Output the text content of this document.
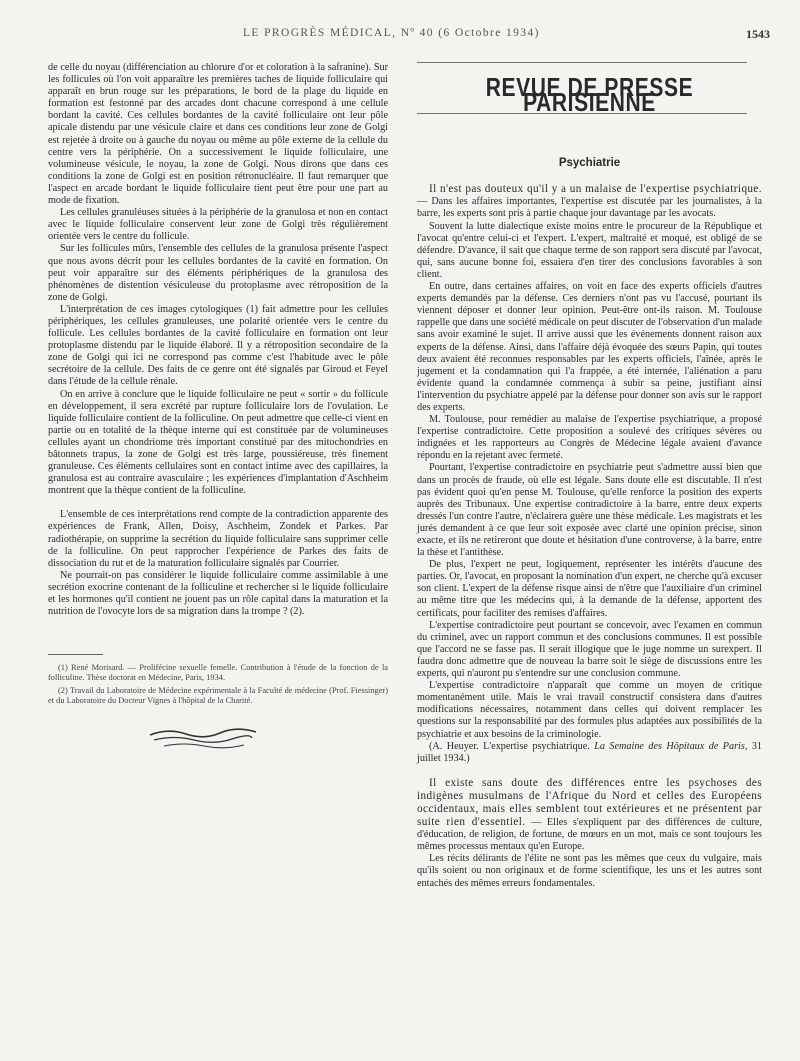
LE PROGRÈS MÉDICAL, Nº 40 (6 Octobre 1934)	1543

de celle du noyau (différenciation au chlorure d'or et coloration à la safranine). Sur les follicules où l'on voit apparaître les premières taches de liquide folliculaire qui apparaît en brun rouge sur les préparations, le bord de la plage du liquide en formation est festonné par des arcades dont chacune correspond à une cellule bordant la cavité. Ces cellules bordantes de la cavité folliculaire ont leur pôle apicale distendu par une vésicule claire et dans ces conditions leur zone de Golgi est rejetée à droite ou à gauche du noyau ou même au pôle externe de la cellule du centre vers la périphérie. On a successivement le liquide folliculaire, une volumineuse vésicule, le noyau, la zone de Golgi. Nous dirons que dans ces conditions la zone de Golgi est en position rétronucléaire. Il faut remarquer que l'aspect en arcade bordant le liquide folliculaire tient peut être pour une part au mode de fixation.

Les cellules granuléuses situées à la périphérie de la granulosa et non en contact avec le liquide folliculaire conservent leur zone de Golgi très régulièrement orientée vers le centre du follicule.

Sur les follicules mûrs, l'ensemble des cellules de la granulosa présente l'aspect que nous avons décrit pour les cellules bordantes de la cavité en formation. On peut voir apparaître sur des éléments périphériques de la granulosa des phénomènes de distention vésiculeuse du protoplasme avec rétroposition de la zone de Golgi.

L'interprétation de ces images cytologiques (1) fait admettre pour les cellules périphériques, les cellules granuleuses, une polarité orientée vers le centre du follicule. Les cellules bordantes de la cavité folliculaire en formation ont leur protoplasme distendu par le liquide élaboré. Il y a rétroposition secondaire de la zone de Golgi qui ici ne correspond pas comme c'est l'habitude avec le pôle secrétoire de la cellule. Des faits de ce genre ont été signalés par Giroud et Feyel dans l'étude de la cellule rénale.

On en arrive à conclure que le liquide folliculaire ne peut « sortir » du follicule en développement, il sera excrété par rupture folliculaire lors de l'ovulation. Le liquide folliculaire contient de la folliculine. On peut admettre que celle-ci vient en partie ou en totalité de la thèque interne qui est constituée par de volumineuses cellules ayant un chondriome très important constitué par des mitochondries en bâtonnets trapus, la zone de Golgi est très large, poussiéreuse, très finement granuleuse. Ces éléments cellulaires sont en contact intime avec des capillaires, la granulosa est au contraire avasculaire ; les expériences d'implantation d'Aschheim montrent que la thèque contient de la folliculine.

L'ensemble de ces interprétations rend compte de la contradiction apparente des expériences de Frank, Allen, Doisy, Aschheim, Zondek et Parkes. Par radiothérapie, on supprime la secrétion du liquide folliculaire sans supprimer celle de la folliculine. On peut rapprocher l'expérience de Parkes des faits de dissociation du rut et de la maturation folliculaire signalés par Courrier.

Ne pourrait-on pas considérer le liquide folliculaire comme assimilable à une secrétion exocrine contenant de la folliculine et rechercher si le liquide folliculaire et les hormones qu'il contient ne jouent pas un rôle capital dans la maturation et la nutrition de l'ovocyte lors de sa migration dans la trompe ? (2).

(1) René Morisard. — Prolifécine sexuelle femelle. Contribution à l'étude de la fonction de la folliculine. Thèse doctorat en Médecine, Paris, 1934.

(2) Travail du Laboratoire de Médecine expérimentale à la Faculté de médecine (Prof. Fiessinger) et du Laboratoire du Docteur Vignes à l'hôpital de la Charité.

REVUE DE PRESSE PARISIENNE
Psychiatrie

Il n'est pas douteux qu'il y a un malaise de l'expertise psychiatrique. — Dans les affaires importantes, l'expertise est discutée par les journalistes, à la barre, les experts sont pris à partie chaque jour davantage par les avocats.

Souvent la lutte dialectique existe moins entre le procureur de la République et l'avocat qu'entre celui-ci et l'expert. L'expert, maltraité et moqué, est obligé de se défendre. D'avance, il sait que chaque terme de son rapport sera discuté par l'avocat, qui, sans aucune bonne foi, essaiera d'en tirer des conclusions favorables à son client.

En outre, dans certaines affaires, on voit en face des experts officiels d'autres experts demandés par la défense. Ces derniers n'ont pas vu l'accusé, pourtant ils viennent déposer et donner leur opinion. Peut-être ont-ils raison. M. Toulouse rappelle que dans une société médicale on peut discuter de l'observation d'un malade sans avoir examiné le sujet. Il arrive aussi que les événements donnent raison aux experts de la défense. Ainsi, dans l'affaire déjà évoquée des sœurs Papin, qui toutes deux avaient été reconnues responsables par les experts officiels, l'aînée, après le jugement et la condamnation qui l'a frappée, a été internée, l'aliénation a paru évidente quand la condamnée commença à subir sa peine, justifiant ainsi l'intervention du psychiatre appelé par la défense pour donner son avis sur le rapport des experts.

M. Toulouse, pour remédier au malaise de l'expertise psychiatrique, a proposé l'expertise contradictoire. Cette proposition a soulevé des critiques sévères ou indignées et les rapporteurs au Congrès de Médecine légale avaient d'avance répondu en la rejetant avec fermeté.

Pourtant, l'expertise contradictoire en psychiatrie peut s'admettre aussi bien que dans un procès de fraude, où elle est légale. Sans doute elle est discutable. Il n'est pas évident quoi qu'en pense M. Toulouse, qu'elle renforce la position des experts auprès des Tribunaux. Une expertise contradictoire à la barre, entre deux experts dressés l'un contre l'autre, n'éclairera guère une thèse médicale. Les magistrats et les jurés demandent à ce que leur soit exposée avec clarté une opinion précise, sinon exacte, et ils ne retireront que doute et hésitation d'une controverse, à la barre, entre la thèse et l'antithèse.

De plus, l'expert ne peut, logiquement, représenter les intérêts d'aucune des parties. Or, l'avocat, en proposant la nomination d'un expert, ne cherche qu'à excuser son client. L'expert de la défense risque ainsi de n'être que l'auxiliaire d'un criminel au même titre que les médecins qui, à la demande de la défense, apportent des certificats, pour faciliter des remises d'affaires.

L'expertise contradictoire peut pourtant se concevoir, avec l'examen en commun du criminel, avec un rapport commun et des conclusions communes. Il est possible que l'accord ne se fasse pas. Il serait illogique que le juge nomme un surexpert. Il faudra donc admettre que de nouveau la barre soit le siège de discussions entre les experts, qui n'auront pu s'entendre sur une conclusion commune.

L'expertise contradictoire n'apparaît que comme un moyen de critique momentanément utile. Mais le vrai travail constructif consistera dans d'autres modifications nécessaires, notamment dans celles qui doivent remplacer les questions sur la responsabilité par des formules plus adaptées aux possibilités de la psychiatrie et aux besoins de la criminologie.

(A. Heuyer. L'expertise psychiatrique. La Semaine des Hôpitaux de Paris, 31 juillet 1934.)

Il existe sans doute des différences entre les psychoses des indigènes musulmans de l'Afrique du Nord et celles des Européens occidentaux, mais elles semblent tout extérieures et ne présentent par suite rien d'essentiel. — Elles s'expliquent par des différences de culture, d'éducation, de religion, de fortune, de mœurs en un mot, mais ce sont toujours les mêmes processus mentaux qu'en Europe.

Les récits délirants de l'élite ne sont pas les mêmes que ceux du vulgaire, mais qu'ils soient ou non originaux et de forme scientifique, les uns et les autres sont entachés des mêmes erreurs fondamentales.
